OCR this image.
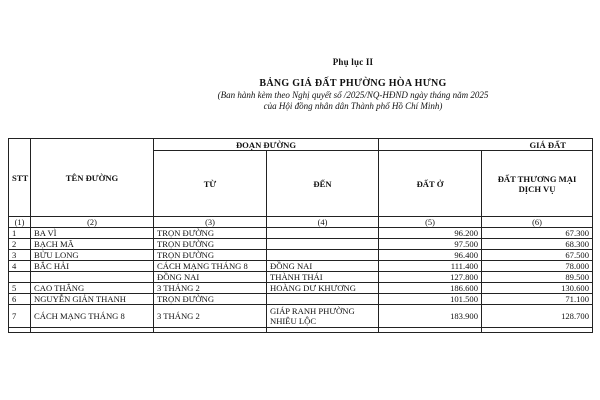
Phụ lục II
BẢNG GIÁ ĐẤT PHƯỜNG HÒA HƯNG
(Ban hành kèm theo Nghị quyết số /2025/NQ-HĐND ngày tháng năm 2025
của Hội đồng nhân dân Thành phố Hồ Chí Minh)
STT	TÊN ĐƯỜNG	ĐOẠN ĐƯỜNG		GIÁ ĐẤT	
		TỪ	ĐẾN	ĐẤT Ở	ĐẤT THƯƠNG MẠI DỊCH VỤ
(1)	(2)	(3)	(4)	(5)	(6)
1	BA VÌ	TRỌN ĐƯỜNG		96.200	67.300
2	BẠCH MÃ	TRỌN ĐƯỜNG		97.500	68.300
3	BỬU LONG	TRỌN ĐƯỜNG		96.400	67.500
4	BẮC HẢI	CÁCH MẠNG THÁNG 8	ĐỒNG NAI	111.400	78.000
		ĐỒNG NAI	THÀNH THÁI	127.800	89.500
5	CAO THẮNG	3 THÁNG 2	HOÀNG DƯ KHƯƠNG	186.600	130.600
6	NGUYỄN GIẢN THANH	TRỌN ĐƯỜNG		101.500	71.100
7	CÁCH MẠNG THÁNG 8	3 THÁNG 2	GIÁP RANH PHƯỜNG NHIÊU LỘC	183.900	128.700
